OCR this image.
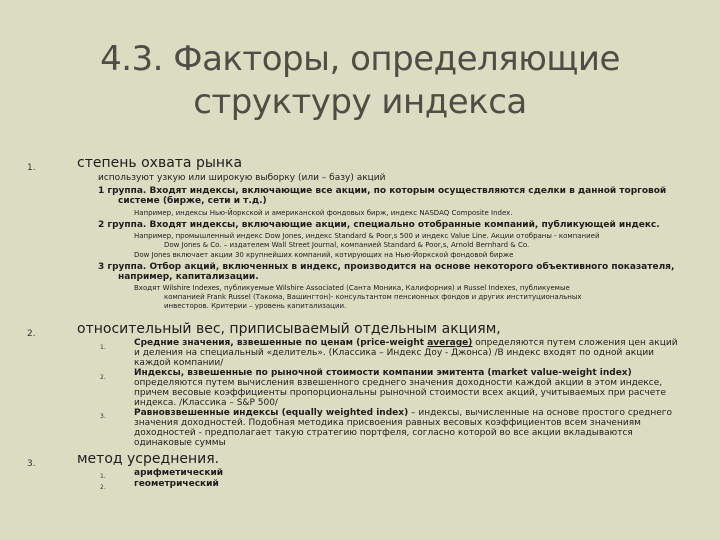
4.3. Факторы, определяющие
структуру индекса
1.	степень охвата рынка
используют узкую или широкую выборку (или – базу) акций
1 группа. Входят индексы, включающие все акции, по которым осуществляются сделки в данной торговой
системе (бирже, сети и т.д.)
Например, индексы Нью-Йоркской и американской фондовых бирж, индекс NASDAQ Composite Index.
2 группа. Входят индексы, включающие акции, специально отобранные компаний, публикующей индекс.
Например, промышленный индекс Dow Jones, индекс Standard & Poor,s 500 и индекс Value Line. Акции отобраны - компанией
Dow Jones & Co. – издателем Wall Street Journal, компанией Standard & Poor,s, Arnold Bernhard & Co.
Dow Jones включает акции 30 крупнейших компаний, котирующих на Нью-Йоркской фондовой бирже
3 группа. Отбор акций, включенных в индекс, производится на основе некоторого объективного показателя,
например, капитализации.
Входят Wilshire Indexes, публикуемые Wilshire Associated (Санта Моника, Калифорния) и Russel Indexes, публикуемые
компанией Frank Russel (Такома, Вашингтон)- консультантом пенсионных фондов и других институциональных
инвесторов. Критерии – уровень капитализации.
2.	относительный вес, приписываемый отдельным акциям,
1.	Средние значения, взвешенные по ценам (price-weight average) определяются путем сложения цен акций и деления на специальный «делитель». (Классика – Индекс Доу - Джонса) /В индекс входят по одной акции каждой компании/
2.	Индексы, взвешенные по рыночной стоимости компании эмитента (market value-weight index) определяются путем вычисления взвешенного среднего значения доходности каждой акции в этом индексе, причем весовые коэффициенты пропорциональны рыночной стоимости всех акций, учитываемых при расчете индекса. /Классика – S&P 500/
3.	Равновзвешенные индексы (equally weighted index) – индексы, вычисленные на основе простого среднего значения доходностей. Подобная методика присвоения равных весовых коэффициентов всем значениям доходностей - предполагает такую стратегию портфеля, согласно которой во все акции вкладываются одинаковые суммы
3.	метод усреднения.
1.	арифметический
2.	геометрический
